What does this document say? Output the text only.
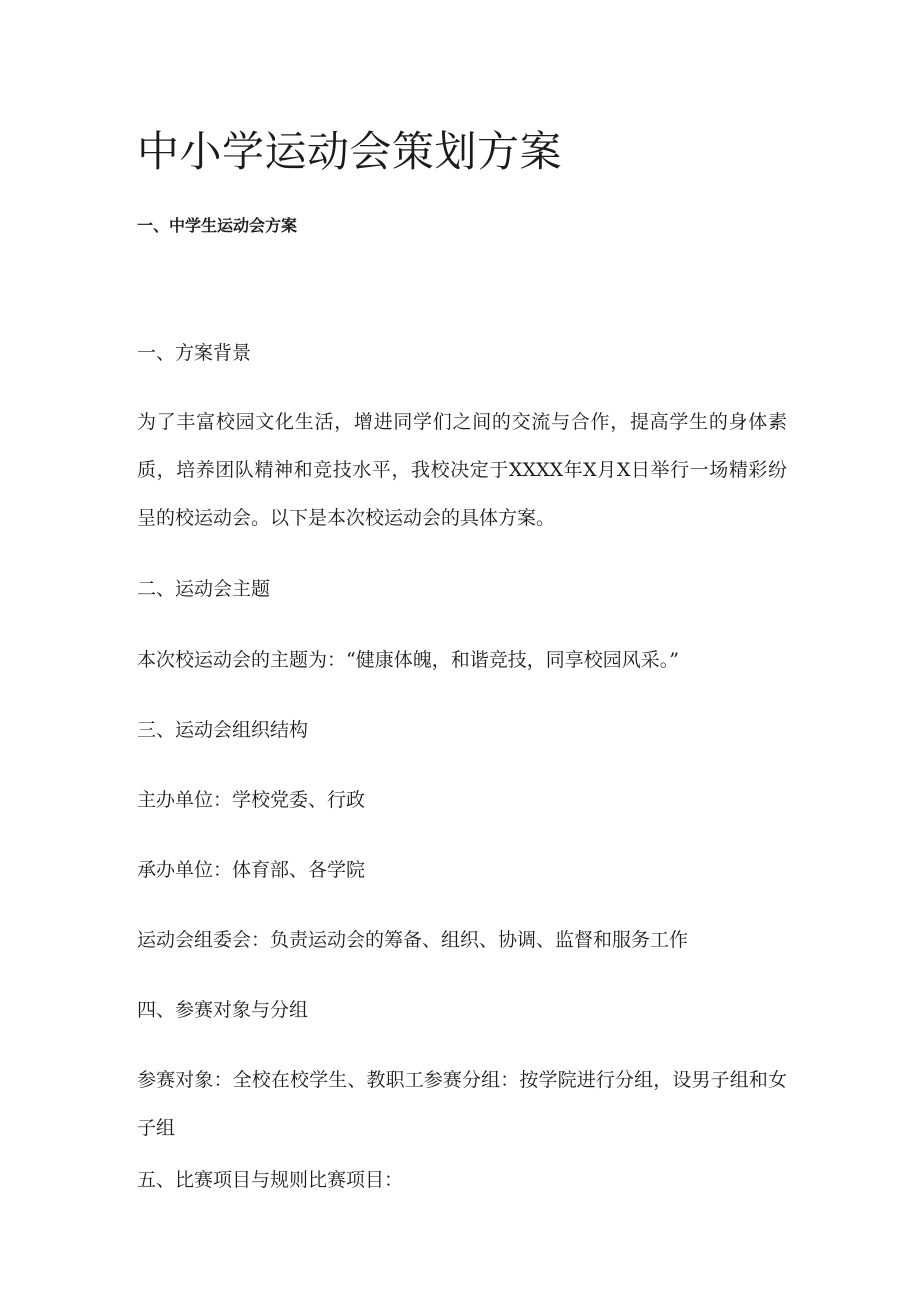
中小学运动会策划方案
一、中学生运动会方案
一、方案背景

为了丰富校园文化生活，增进同学们之间的交流与合作，提高学生的身体素质，培养团队精神和竞技水平，我校决定于XXXX年X月X日举行一场精彩纷呈的校运动会。以下是本次校运动会的具体方案。

二、运动会主题
本次校运动会的主题为：“健康体魄，和谐竞技，同享校园风采。”
三、运动会组织结构
主办单位：学校党委、行政
承办单位：体育部、各学院
运动会组委会：负责运动会的筹备、组织、协调、监督和服务工作
四、参赛对象与分组

参赛对象：全校在校学生、教职工参赛分组：按学院进行分组，设男子组和女子组

五、比赛项目与规则比赛项目：
